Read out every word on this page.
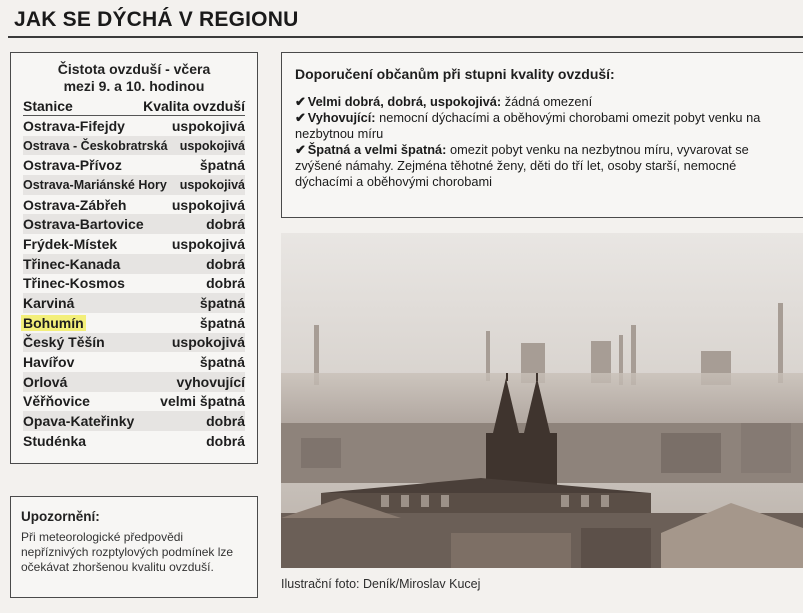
JAK SE DÝCHÁ V REGIONU
Čistota ovzduší - včera
mezi 9. a 10. hodinou
Stanice	Kvalita ovzduší
Ostrava-Fifejdy	uspokojivá
Ostrava - Českobratrská uspokojivá
Ostrava-Přívoz	špatná
Ostrava-Mariánské Hory uspokojivá
Ostrava-Zábřeh	uspokojivá
Ostrava-Bartovice	dobrá
Frýdek-Místek	uspokojivá
Třinec-Kanada	dobrá
Třinec-Kosmos	dobrá
Karviná	špatná
Bohumín	špatná
Český Těšín	uspokojivá
Havířov	špatná
Orlová	vyhovující
Věřňovice	velmi špatná
Opava-Kateřinky	dobrá
Studénka	dobrá
Upozornění:
Při meteorologické předpovědi nepříznivých rozptylových podmínek lze očekávat zhoršenou kvalitu ovzduší.
Doporučení občanům při stupni kvality ovzduší:
✔ Velmi dobrá, dobrá, uspokojivá: žádná omezení
✔ Vyhovující: nemocní dýchacími a oběhovými chorobami omezit pobyt venku na nezbytnou míru
✔ Špatná a velmi špatná: omezit pobyt venku na nezbytnou míru, vyvarovat se zvýšené námahy. Zejména těhotné ženy, děti do tří let, osoby starší, nemocné dýchacími a oběhovými chorobami
Ilustrační foto: Deník/Miroslav Kucej
